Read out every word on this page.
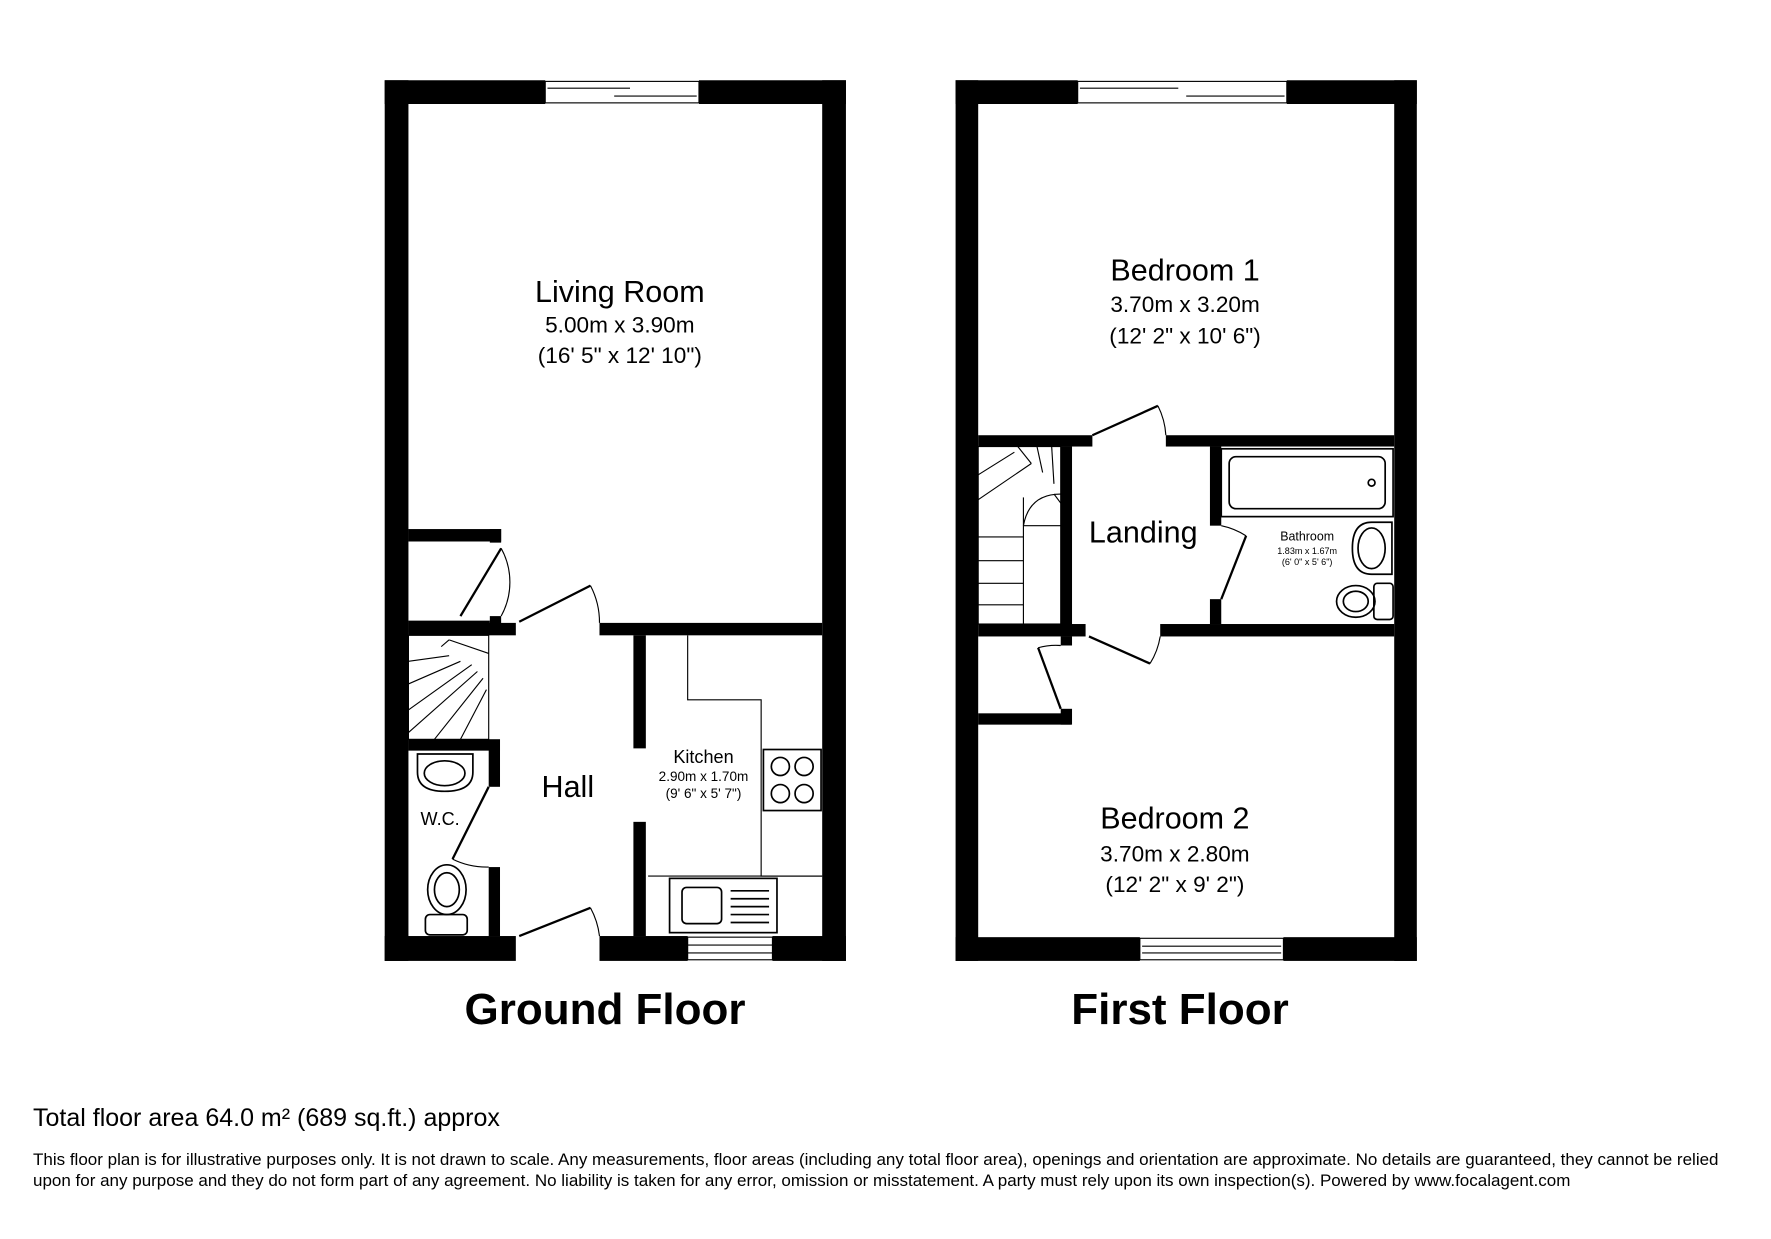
Living Room
5.00m x 3.90m
(16' 5" x 12' 10")
Hall
Kitchen
2.90m x 1.70m
(9' 6" x 5' 7")
W.C.
Bedroom 1
3.70m x 3.20m
(12' 2" x 10' 6")
Landing	Bathroom
1.83m x 1.67m
(6' 0" x 5' 6")
Bedroom 2
3.70m x 2.80m
(12' 2" x 9' 2")
Ground Floor	First Floor

Total floor area 64.0 m² (689 sq.ft.) approx

This floor plan is for illustrative purposes only. It is not drawn to scale. Any measurements, floor areas (including any total floor area), openings and orientation are approximate. No details are guaranteed, they cannot be relied upon for any purpose and they do not form part of any agreement. No liability is taken for any error, omission or misstatement. A party must rely upon its own inspection(s). Powered by www.focalagent.com
